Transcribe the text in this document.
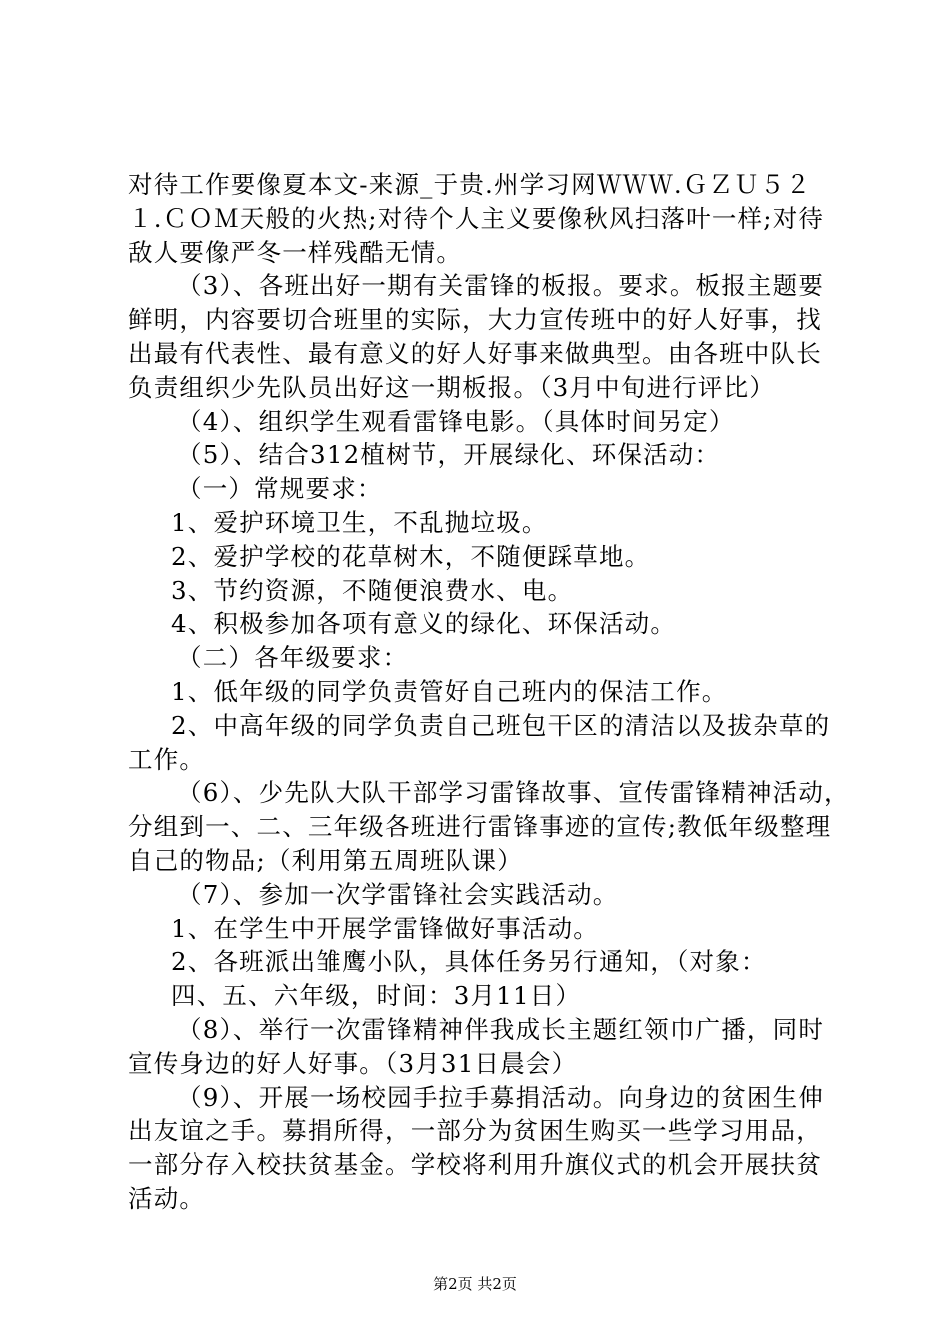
对待工作要像夏本文-来源_于贵.州学习网ＷＷＷ.ＧＺＵ５２
１.ＣＯＭ天般的火热;对待个人主义要像秋风扫落叶一样;对待
敌人要像严冬一样残酷无情。
（3）、各班出好一期有关雷锋的板报。要求。板报主题要
鲜明，内容要切合班里的实际，大力宣传班中的好人好事，找
出最有代表性、最有意义的好人好事来做典型。由各班中队长
负责组织少先队员出好这一期板报。（3月中旬进行评比）
（4）、组织学生观看雷锋电影。（具体时间另定）
（5）、结合312植树节，开展绿化、环保活动：
（一）常规要求：
1、爱护环境卫生，不乱抛垃圾。
2、爱护学校的花草树木，不随便踩草地。
3、节约资源，不随便浪费水、电。
4、积极参加各项有意义的绿化、环保活动。
（二）各年级要求：
1、低年级的同学负责管好自己班内的保洁工作。
2、中高年级的同学负责自己班包干区的清洁以及拔杂草的
工作。
（6）、少先队大队干部学习雷锋故事、宣传雷锋精神活动，
分组到一、二、三年级各班进行雷锋事迹的宣传;教低年级整理
自己的物品;（利用第五周班队课）
（7）、参加一次学雷锋社会实践活动。
1、在学生中开展学雷锋做好事活动。
2、各班派出雏鹰小队，具体任务另行通知，（对象：
四、五、六年级，时间：3月11日）
（8）、举行一次雷锋精神伴我成长主题红领巾广播，同时
宣传身边的好人好事。（3月31日晨会）
（9）、开展一场校园手拉手募捐活动。向身边的贫困生伸
出友谊之手。募捐所得，一部分为贫困生购买一些学习用品，
一部分存入校扶贫基金。学校将利用升旗仪式的机会开展扶贫
活动。
第2页 共2页
